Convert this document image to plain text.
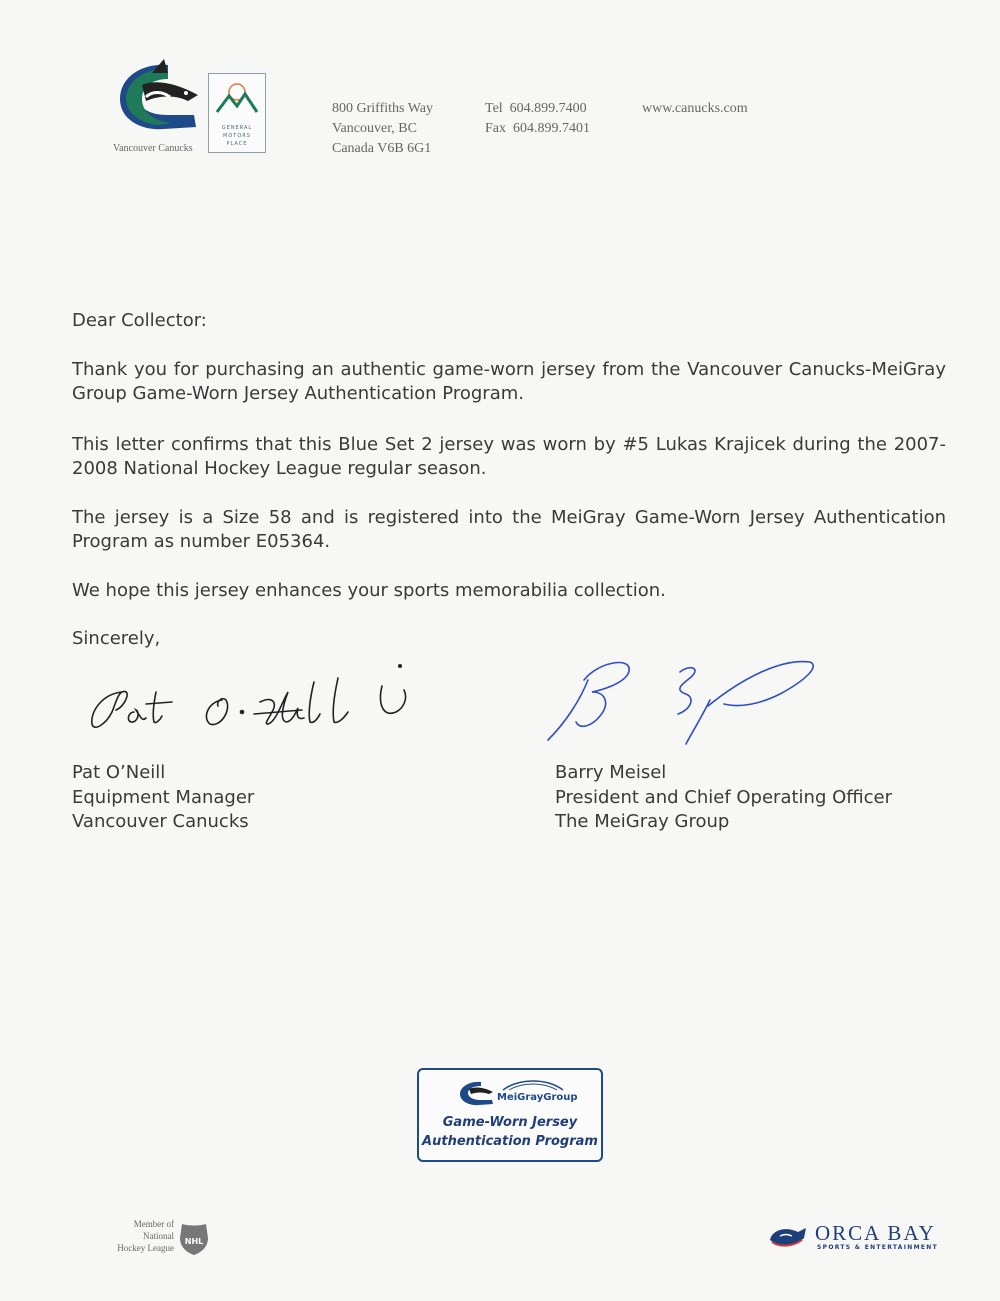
Vancouver Canucks
GENERAL
MOTORS
PLACE
800 Griffiths Way
Vancouver, BC
Canada V6B 6G1
Tel  604.899.7400
Fax  604.899.7401
www.canucks.com
Dear Collector:
Thank you for purchasing an authentic game-worn jersey from the Vancouver Canucks-MeiGray Group Game-Worn Jersey Authentication Program.
This letter confirms that this Blue Set 2 jersey was worn by #5 Lukas Krajicek during the 2007-2008 National Hockey League regular season.
The jersey is a Size 58 and is registered into the MeiGray Game-Worn Jersey Authentication Program as number E05364.
We hope this jersey enhances your sports memorabilia collection.
Sincerely,
Pat O’Neill
Equipment Manager
Vancouver Canucks
Barry Meisel
President and Chief Operating Officer
The MeiGray Group
MeiGrayGroup
Game-Worn Jersey
Authentication Program
Member of
National
Hockey League
NHL	ORCA BAY
SPORTS & ENTERTAINMENT
